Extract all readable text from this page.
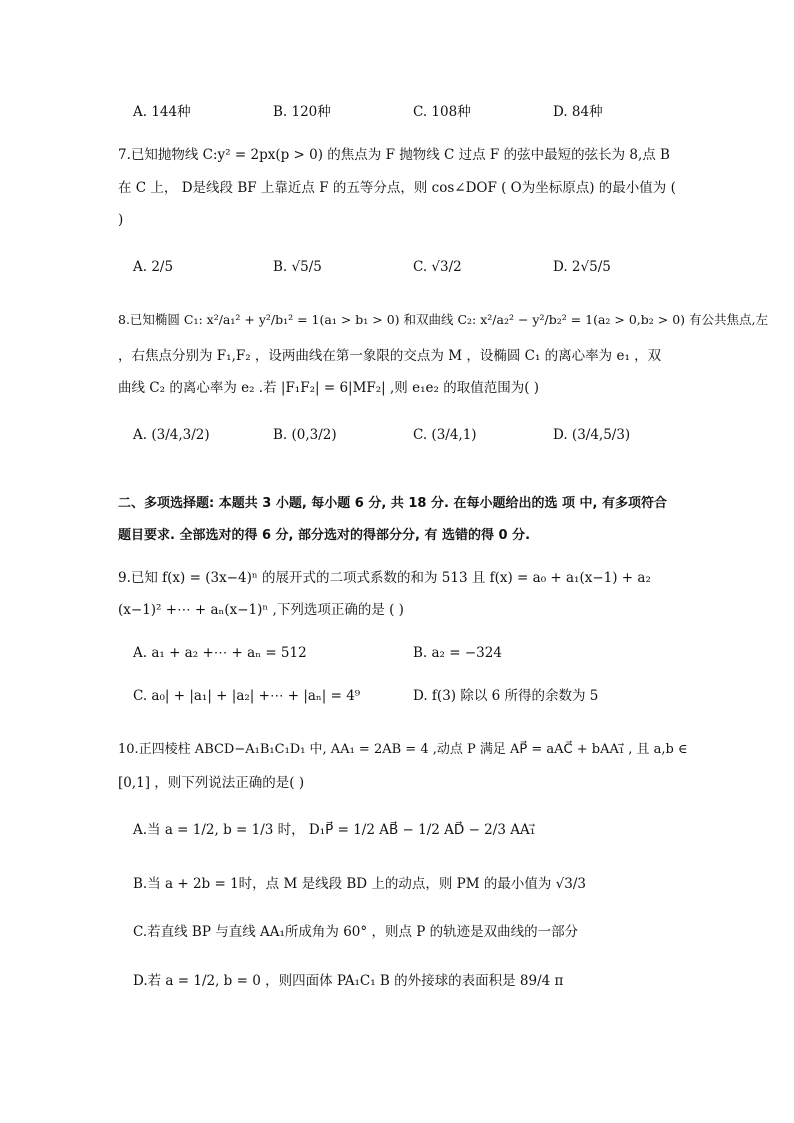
A. 144种	B. 120种	C. 108种	D. 84种
7.已知抛物线 C:y² = 2px(p > 0) 的焦点为 F 抛物线 C 过点 F 的弦中最短的弦长为 8,点 B
在 C 上， D是线段 BF 上靠近点 F 的五等分点，则 cos∠DOF ( O为坐标原点) 的最小值为 (
)
A. 2/5	B. √5/5	C. √3/2	D. 2√5/5
8.已知椭圆 C₁: x²/a₁² + y²/b₁² = 1(a₁ > b₁ > 0) 和双曲线 C₂: x²/a₂² − y²/b₂² = 1(a₂ > 0,b₂ > 0) 有公共焦点,左
，右焦点分别为 F₁,F₂ ，设两曲线在第一象限的交点为 M ，设椭圆 C₁ 的离心率为 e₁ ，双
曲线 C₂ 的离心率为 e₂ .若 |F₁F₂| = 6|MF₂| ,则 e₁e₂ 的取值范围为( )
A. (3/4,3/2)	B. (0,3/2)	C. (3/4,1)	D. (3/4,5/3)
二、多项选择题: 本题共 3 小题, 每小题 6 分, 共 18 分. 在每小题给出的选 项 中, 有多项符合
题目要求. 全部选对的得 6 分, 部分选对的得部分分, 有 选错的得 0 分.
9.已知 f(x) = (3x−4)ⁿ 的展开式的二项式系数的和为 513 且 f(x) = a₀ + a₁(x−1) + a₂
(x−1)² +⋯ + aₙ(x−1)ⁿ ,下列选项正确的是 ( )
A. a₁ + a₂ +⋯ + aₙ = 512	B. a₂ = −324
C. a₀| + |a₁| + |a₂| +⋯ + |aₙ| = 4⁹	D. f(3) 除以 6 所得的余数为 5
10.正四棱柱 ABCD−A₁B₁C₁D₁ 中, AA₁ = 2AB = 4 ,动点 P 满足 AP⃗ = aAC⃗ + bAA₁⃗ , 且 a,b ∈
[0,1] ，则下列说法正确的是( )
A.当 a = 1/2, b = 1/3 时， D₁P⃗ = 1/2 AB⃗ − 1/2 AD⃗ − 2/3 AA₁⃗
B.当 a + 2b = 1时，点 M 是线段 BD 上的动点，则 PM 的最小值为 √3/3
C.若直线 BP 与直线 AA₁所成角为 60° ，则点 P 的轨迹是双曲线的一部分
D.若 a = 1/2, b = 0 ，则四面体 PA₁C₁ B 的外接球的表面积是 89/4 π
